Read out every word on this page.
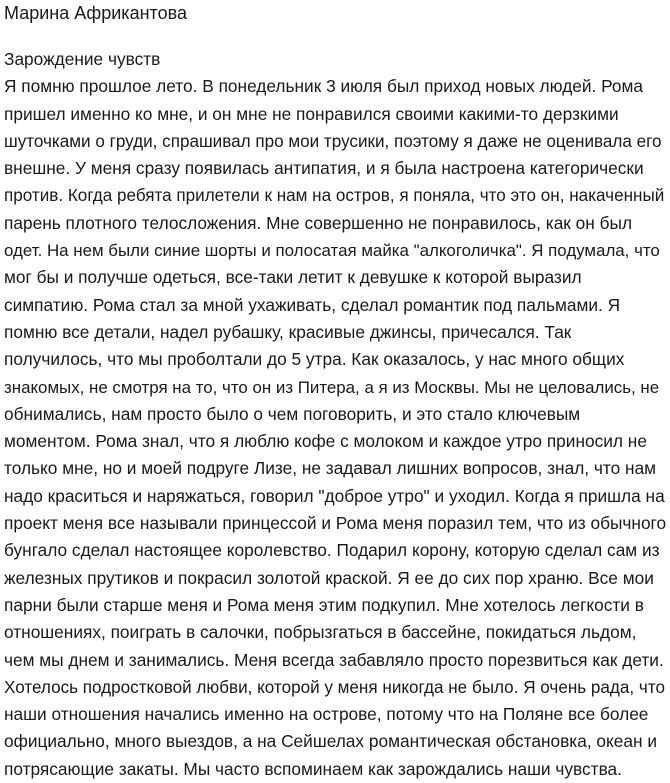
Марина Африкантова

Зарождение чувств

Я помню прошлое лето. В понедельник 3 июля был приход новых людей. Рома

пришел именно ко мне, и он мне не понравился своими какими-то дерзкими

шуточками о груди, спрашивал про мои трусики, поэтому я даже не оценивала его

внешне. У меня сразу появилась антипатия, и я была настроена категорически

против. Когда ребята прилетели к нам на остров, я поняла, что это он, накаченный

парень плотного телосложения. Мне совершенно не понравилось, как он был

одет. На нем были синие шорты и полосатая майка "алкоголичка". Я подумала, что

мог бы и получше одеться, все-таки летит к девушке к которой выразил

симпатию. Рома стал за мной ухаживать, сделал романтик под пальмами. Я

помню все детали, надел рубашку, красивые джинсы, причесался. Так

получилось, что мы проболтали до 5 утра. Как оказалось, у нас много общих

знакомых, не смотря на то, что он из Питера, а я из Москвы. Мы не целовались, не

обнимались, нам просто было о чем поговорить, и это стало ключевым

моментом. Рома знал, что я люблю кофе с молоком и каждое утро приносил не

только мне, но и моей подруге Лизе, не задавал лишних вопросов, знал, что нам

надо краситься и наряжаться, говорил "доброе утро" и уходил. Когда я пришла на

проект меня все называли принцессой и Рома меня поразил тем, что из обычного

бунгало сделал настоящее королевство. Подарил корону, которую сделал сам из

железных прутиков и покрасил золотой краской. Я ее до сих пор храню. Все мои

парни были старше меня и Рома меня этим подкупил. Мне хотелось легкости в

отношениях, поиграть в салочки, побрызгаться в бассейне, покидаться льдом,

чем мы днем и занимались. Меня всегда забавляло просто порезвиться как дети.

Хотелось подростковой любви, которой у меня никогда не было. Я очень рада, что

наши отношения начались именно на острове, потому что на Поляне все более

официально, много выездов, а на Сейшелах романтическая обстановка, океан и

потрясающие закаты. Мы часто вспоминаем как зарождались наши чувства.
